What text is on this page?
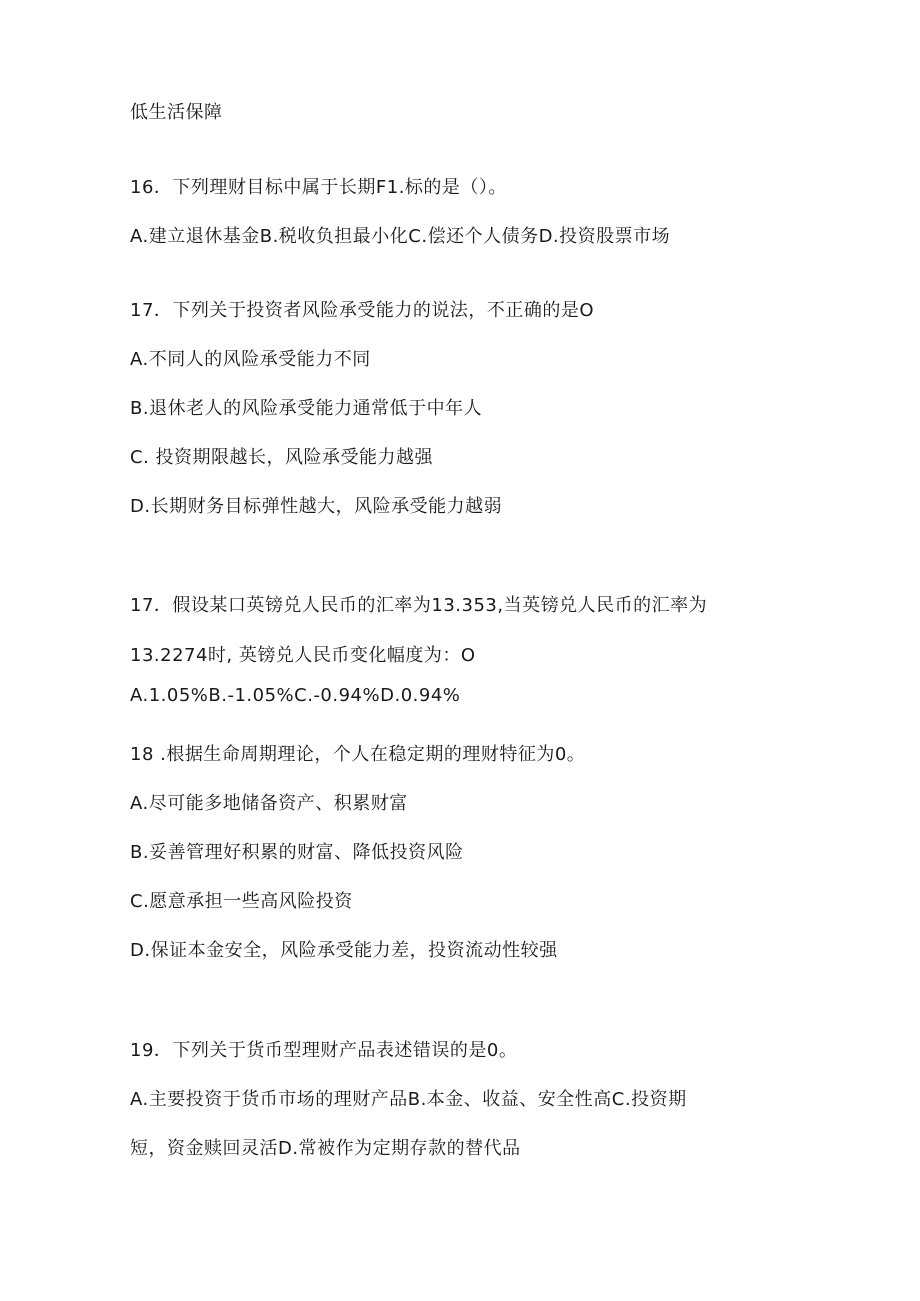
低生活保障
16．下列理财目标中属于长期F1.标的是（）。
A.建立退休基金B.税收负担最小化C.偿还个人债务D.投资股票市场
17．下列关于投资者风险承受能力的说法，不正确的是O
A.不同人的风险承受能力不同
B.退休老人的风险承受能力通常低于中年人
C. 投资期限越长，风险承受能力越强
D.长期财务目标弹性越大，风险承受能力越弱
17．假设某口英镑兑人民币的汇率为13.353,当英镑兑人民币的汇率为
13.2274时, 英镑兑人民币变化幅度为：O
A.1.05%B.-1.05%C.-0.94%D.0.94%
18 .根据生命周期理论，个人在稳定期的理财特征为0。
A.尽可能多地储备资产、积累财富
B.妥善管理好积累的财富、降低投资风险
C.愿意承担一些高风险投资
D.保证本金安全，风险承受能力差，投资流动性较强
19．下列关于货币型理财产品表述错误的是0。
A.主要投资于货币市场的理财产品B.本金、收益、安全性高C.投资期
短，资金赎回灵活D.常被作为定期存款的替代品
